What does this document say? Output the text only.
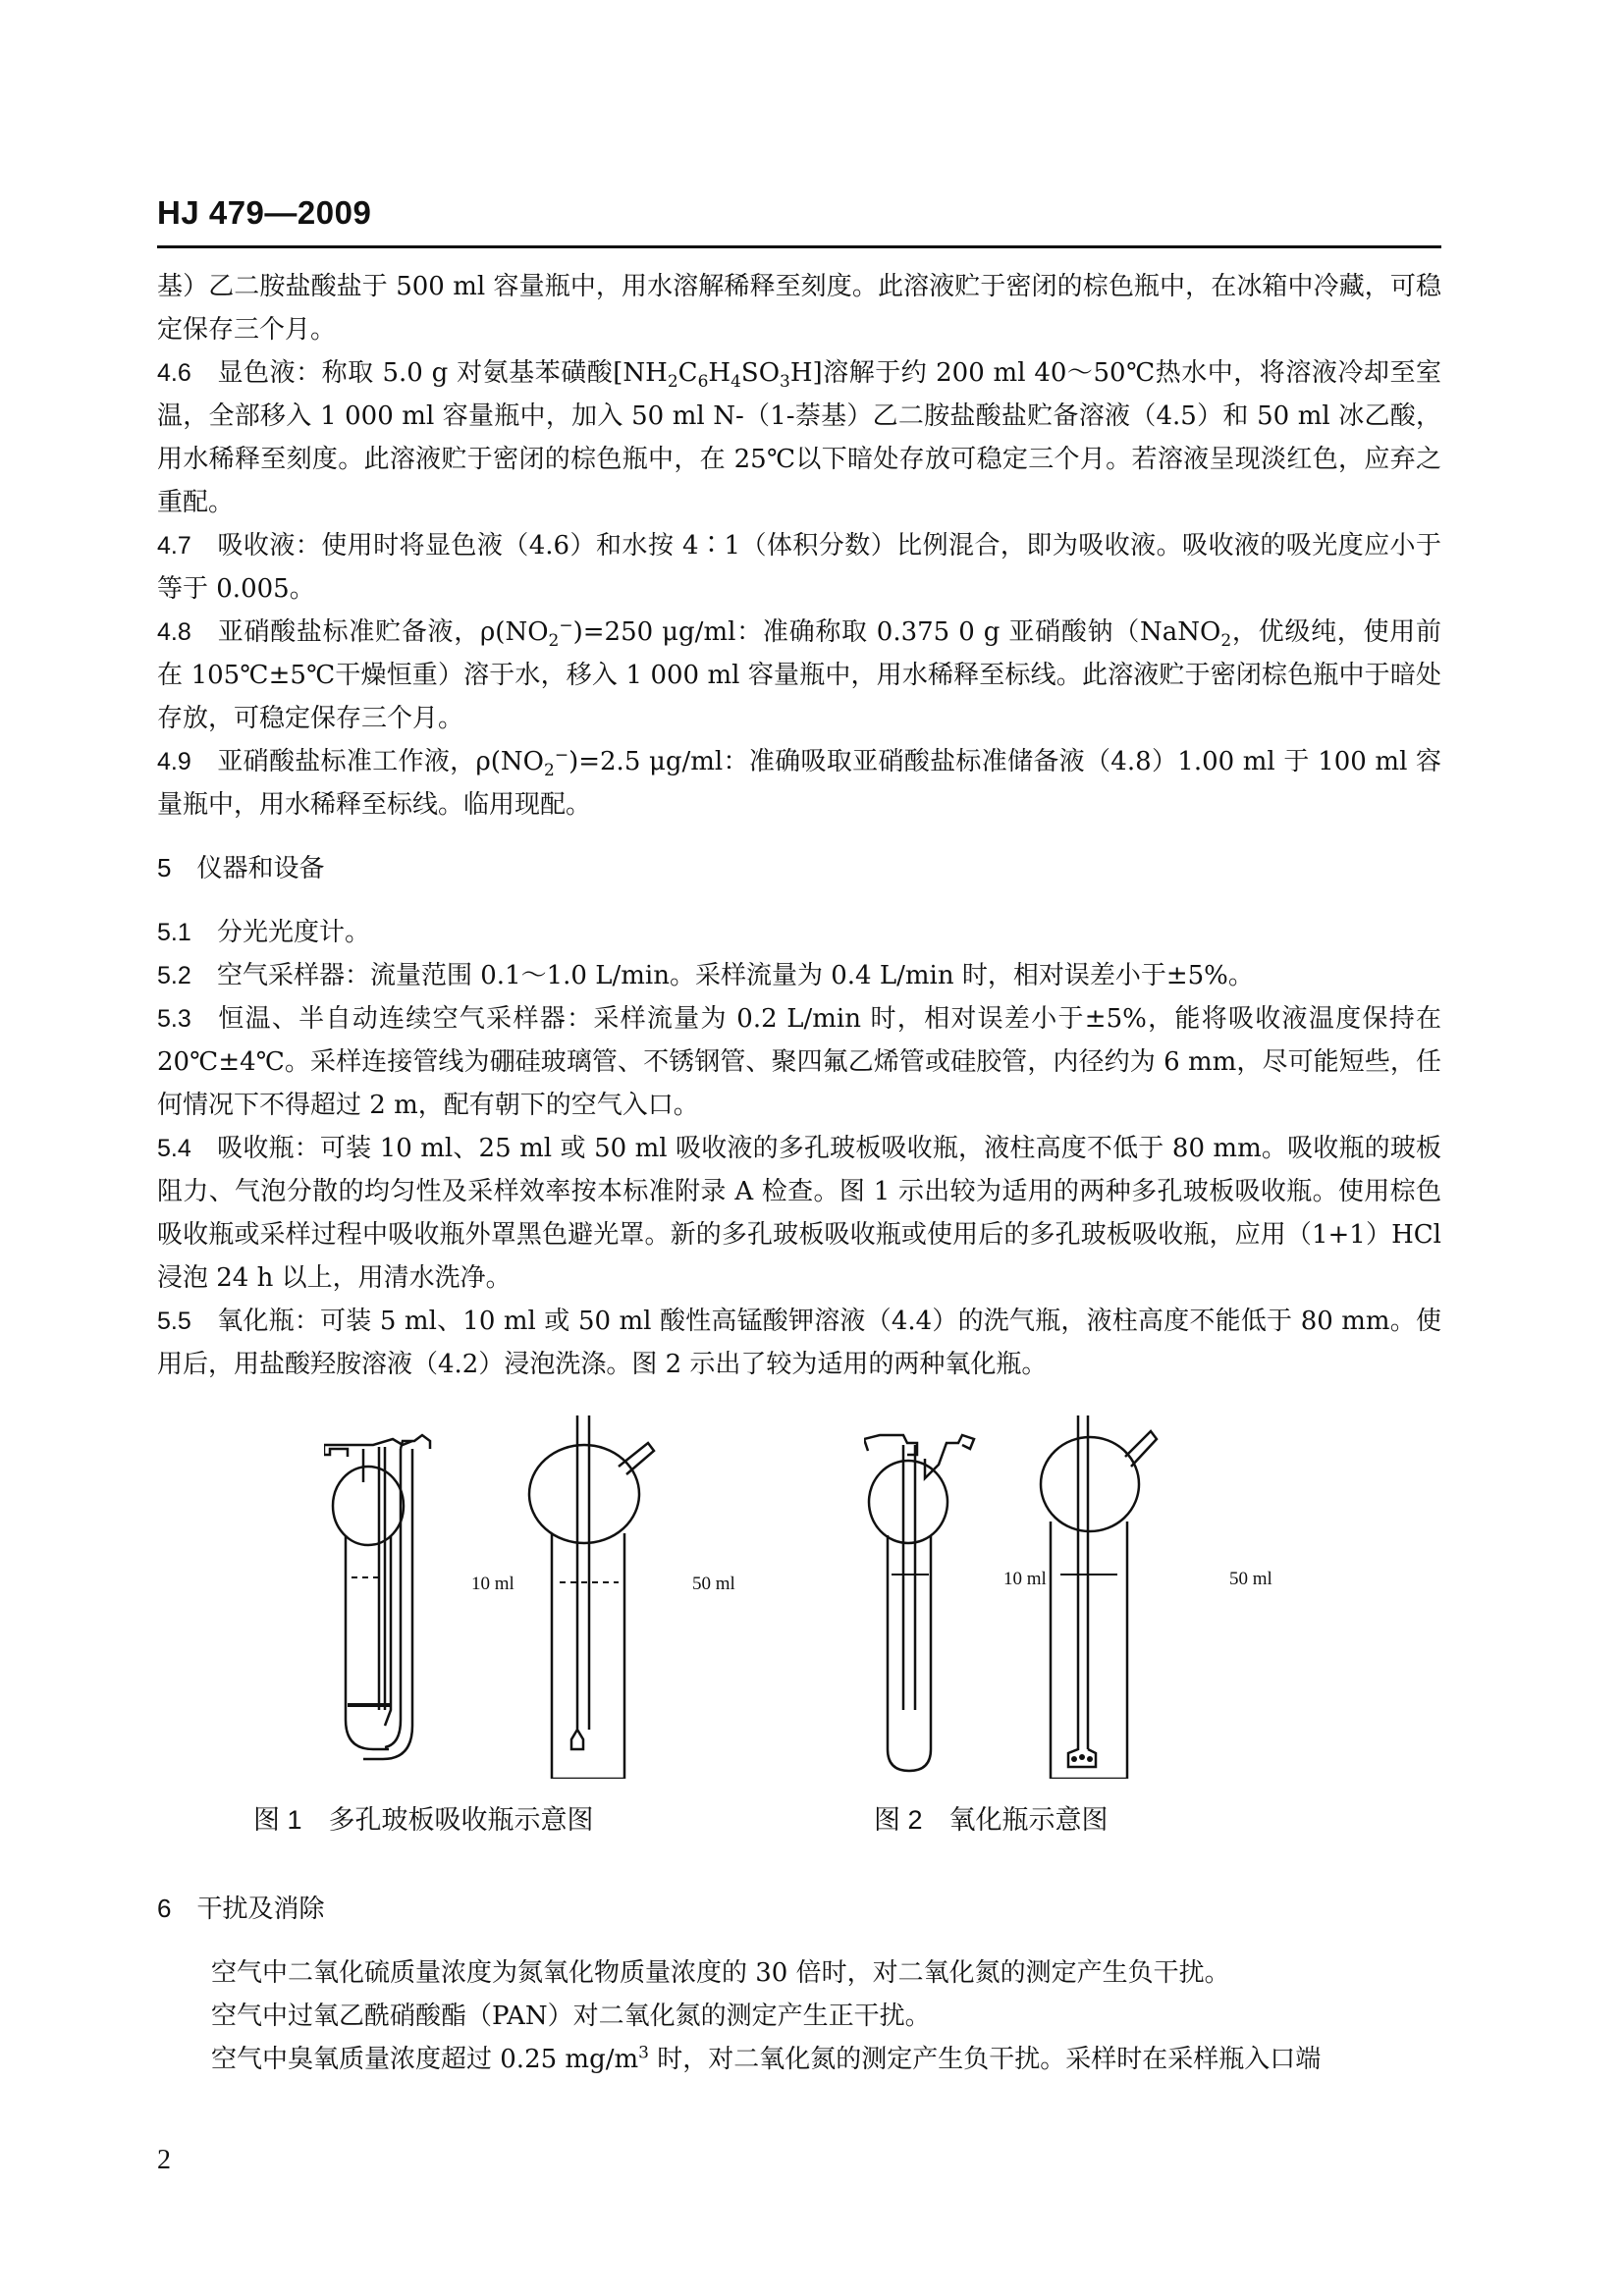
HJ 479—2009

基）乙二胺盐酸盐于 500 ml 容量瓶中，用水溶解稀释至刻度。此溶液贮于密闭的棕色瓶中，在冰箱中冷藏，可稳定保存三个月。

4.6 显色液：称取 5.0 g 对氨基苯磺酸$[NH_2C_6H_4SO_3H]$溶解于约 200 ml 40～50℃热水中，将溶液冷却至室温，全部移入 1 000 ml 容量瓶中，加入 50 ml N-（1-萘基）乙二胺盐酸盐贮备溶液（4.5）和 50 ml 冰乙酸，用水稀释至刻度。此溶液贮于密闭的棕色瓶中，在 25℃以下暗处存放可稳定三个月。若溶液呈现淡红色，应弃之重配。

4.7 吸收液：使用时将显色液（4.6）和水按 4∶1（体积分数）比例混合，即为吸收液。吸收液的吸光度应小于等于 0.005。

4.8 亚硝酸盐标准贮备液，$\rho(NO_2^-)=250$ μg/ml：准确称取 0.375 0 g 亚硝酸钠（NaNO$_2$，优级纯，使用前在 105℃±5℃干燥恒重）溶于水，移入 1 000 ml 容量瓶中，用水稀释至标线。此溶液贮于密闭棕色瓶中于暗处存放，可稳定保存三个月。

4.9 亚硝酸盐标准工作液，$\rho(NO_2^-)=2.5$ μg/ml：准确吸取亚硝酸盐标准储备液（4.8）1.00 ml 于 100 ml 容量瓶中，用水稀释至标线。临用现配。

5 仪器和设备

5.1 分光光度计。

5.2 空气采样器：流量范围 0.1～1.0 L/min。采样流量为 0.4 L/min 时，相对误差小于±5%。

5.3 恒温、半自动连续空气采样器：采样流量为 0.2 L/min 时，相对误差小于±5%，能将吸收液温度保持在 20℃±4℃。采样连接管线为硼硅玻璃管、不锈钢管、聚四氟乙烯管或硅胶管，内径约为 6 mm，尽可能短些，任何情况下不得超过 2 m，配有朝下的空气入口。

5.4 吸收瓶：可装 10 ml、25 ml 或 50 ml 吸收液的多孔玻板吸收瓶，液柱高度不低于 80 mm。吸收瓶的玻板阻力、气泡分散的均匀性及采样效率按本标准附录 A 检查。图 1 示出较为适用的两种多孔玻板吸收瓶。使用棕色吸收瓶或采样过程中吸收瓶外罩黑色避光罩。新的多孔玻板吸收瓶或使用后的多孔玻板吸收瓶，应用（1+1）HCl 浸泡 24 h 以上，用清水洗净。

5.5 氧化瓶：可装 5 ml、10 ml 或 50 ml 酸性高锰酸钾溶液（4.4）的洗气瓶，液柱高度不能低于 80 mm。使用后，用盐酸羟胺溶液（4.2）浸泡洗涤。图 2 示出了较为适用的两种氧化瓶。

10 ml	50 ml
图 1　多孔玻板吸收瓶示意图
10 ml	50 ml
图 2　氧化瓶示意图
6 干扰及消除

空气中二氧化硫质量浓度为氮氧化物质量浓度的 30 倍时，对二氧化氮的测定产生负干扰。

空气中过氧乙酰硝酸酯（PAN）对二氧化氮的测定产生正干扰。

空气中臭氧质量浓度超过 0.25 $mg/m^3$ 时，对二氧化氮的测定产生负干扰。采样时在采样瓶入口端

2
